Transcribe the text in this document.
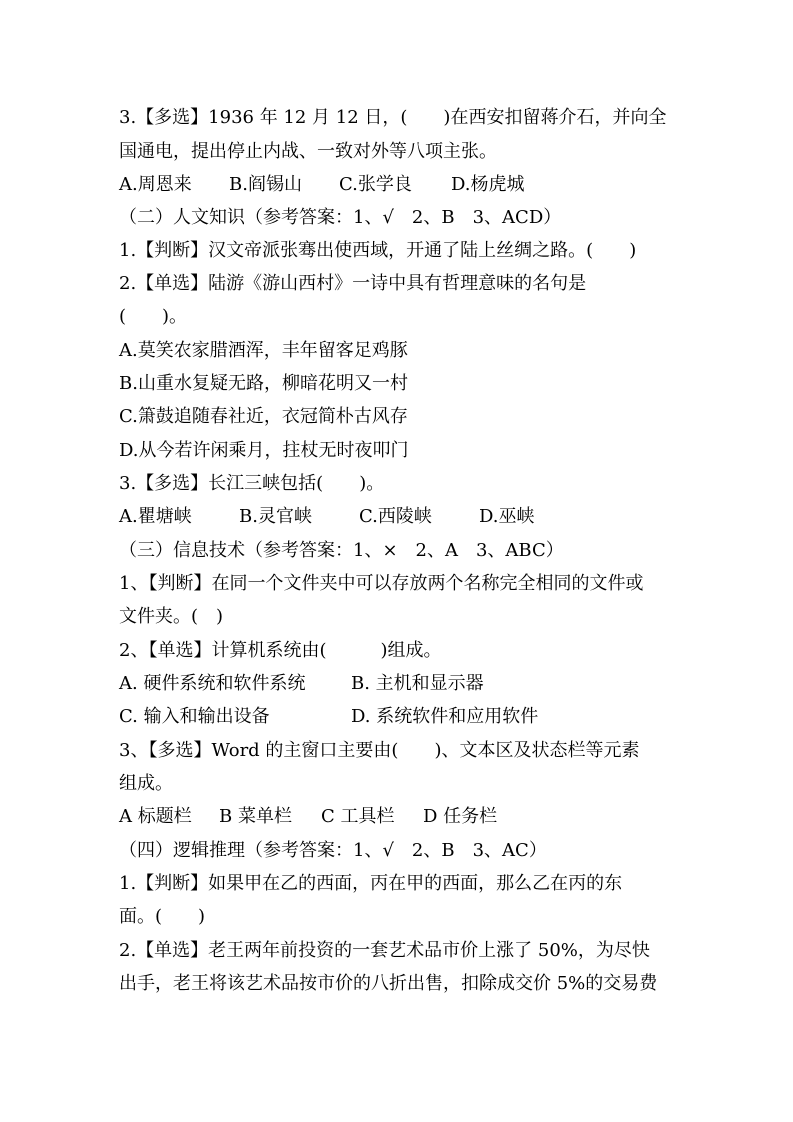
3.【多选】1936 年 12 月 12 日，(　　)在西安扣留蒋介石，并向全
国通电，提出停止内战、一致对外等八项主张。
A.周恩来 B.阎锡山 C.张学良 D.杨虎城
（二）人文知识（参考答案：1、√　2、B　3、ACD）
1.【判断】汉文帝派张骞出使西域，开通了陆上丝绸之路。(　　)
2.【单选】陆游《游山西村》一诗中具有哲理意味的名句是
(　　)。
A.莫笑农家腊酒浑，丰年留客足鸡豚
B.山重水复疑无路，柳暗花明又一村
C.箫鼓追随春社近，衣冠简朴古风存
D.从今若许闲乘月，拄杖无时夜叩门
3.【多选】长江三峡包括(　　)。
A.瞿塘峡	B.灵官峡	C.西陵峡	D.巫峡
（三）信息技术（参考答案：1、×　2、A　3、ABC）
1、【判断】在同一个文件夹中可以存放两个名称完全相同的文件或
文件夹。(　)
2、【单选】计算机系统由(　　　)组成。
A. 硬件系统和软件系统	B. 主机和显示器
C. 输入和输出设备	D. 系统软件和应用软件
3、【多选】Word 的主窗口主要由(　　)、文本区及状态栏等元素
组成。
A 标题栏 B 菜单栏 C 工具栏 D 任务栏
（四）逻辑推理（参考答案：1、√　2、B　3、AC）
1.【判断】如果甲在乙的西面，丙在甲的西面，那么乙在丙的东
面。(　　)
2.【单选】老王两年前投资的一套艺术品市价上涨了 50%，为尽快
出手，老王将该艺术品按市价的八折出售，扣除成交价 5%的交易费
